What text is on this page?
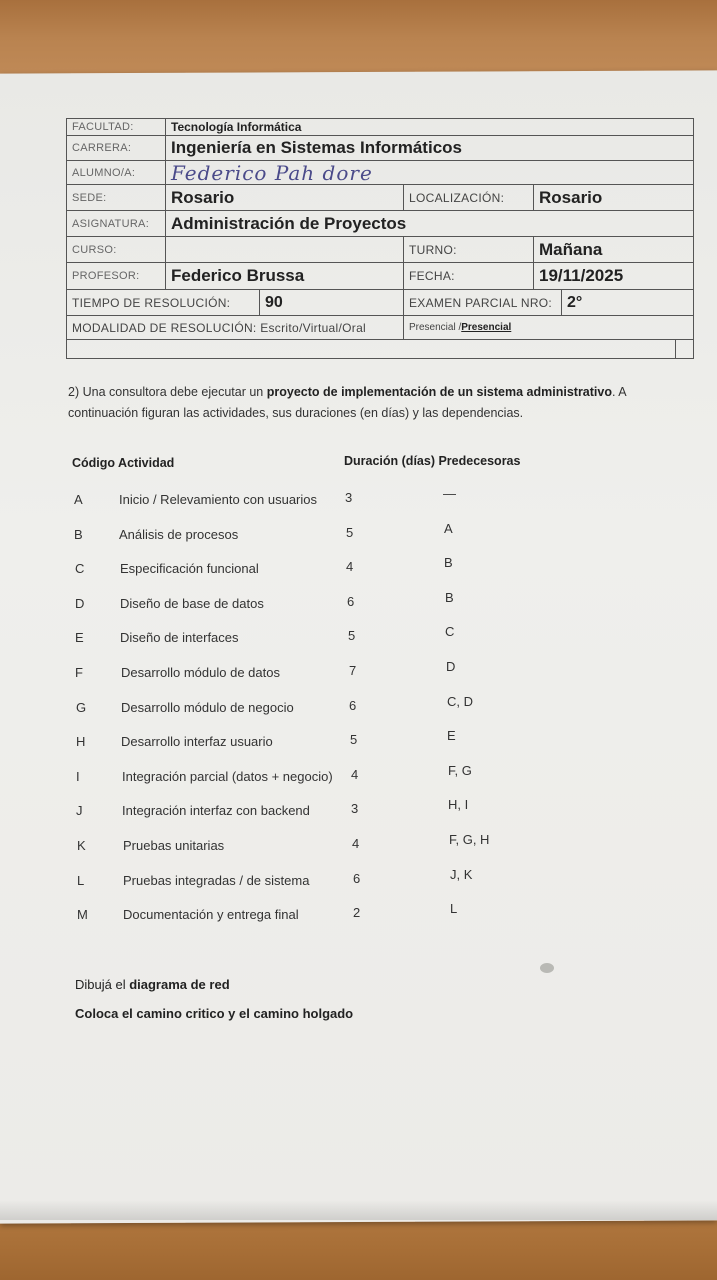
FACULTAD:	Tecnología Informática
CARRERA: Ingeniería en Sistemas Informáticos
ALUMNO/A: Federico Pah dore
SEDE:	Rosario	LOCALIZACIÓN: Rosario
ASIGNATURA: Administración de Proyectos
CURSO:	TURNO:	Mañana
PROFESOR: Federico Brussa	FECHA:	19/11/2025
TIEMPO DE RESOLUCIÓN: 90	EXAMEN PARCIAL NRO: 2°
MODALIDAD DE RESOLUCIÓN: Escrito/Virtual/Oral	Presencial / Presencial
2) Una consultora debe ejecutar un proyecto de implementación de un sistema administrativo. A continuación figuran las actividades, sus duraciones (en días) y las dependencias.
Código Actividad	Duración (días) Predecesoras
A	Inicio / Relevamiento con usuarios 3	—
B	Análisis de procesos	5	A
C	Especificación funcional	4	B
D	Diseño de base de datos	6	B
E	Diseño de interfaces	5	C
F	Desarrollo módulo de datos	7	D
G	Desarrollo módulo de negocio	6	C, D
H	Desarrollo interfaz usuario	5	E
I	Integración parcial (datos + negocio) 4	F, G
J	Integración interfaz con backend	3	H, I
K	Pruebas unitarias	4	F, G, H
L	Pruebas integradas / de sistema	6	J, K
M	Documentación y entrega final	2	L
Dibujá el diagrama de red
Coloca el camino critico y el camino holgado
